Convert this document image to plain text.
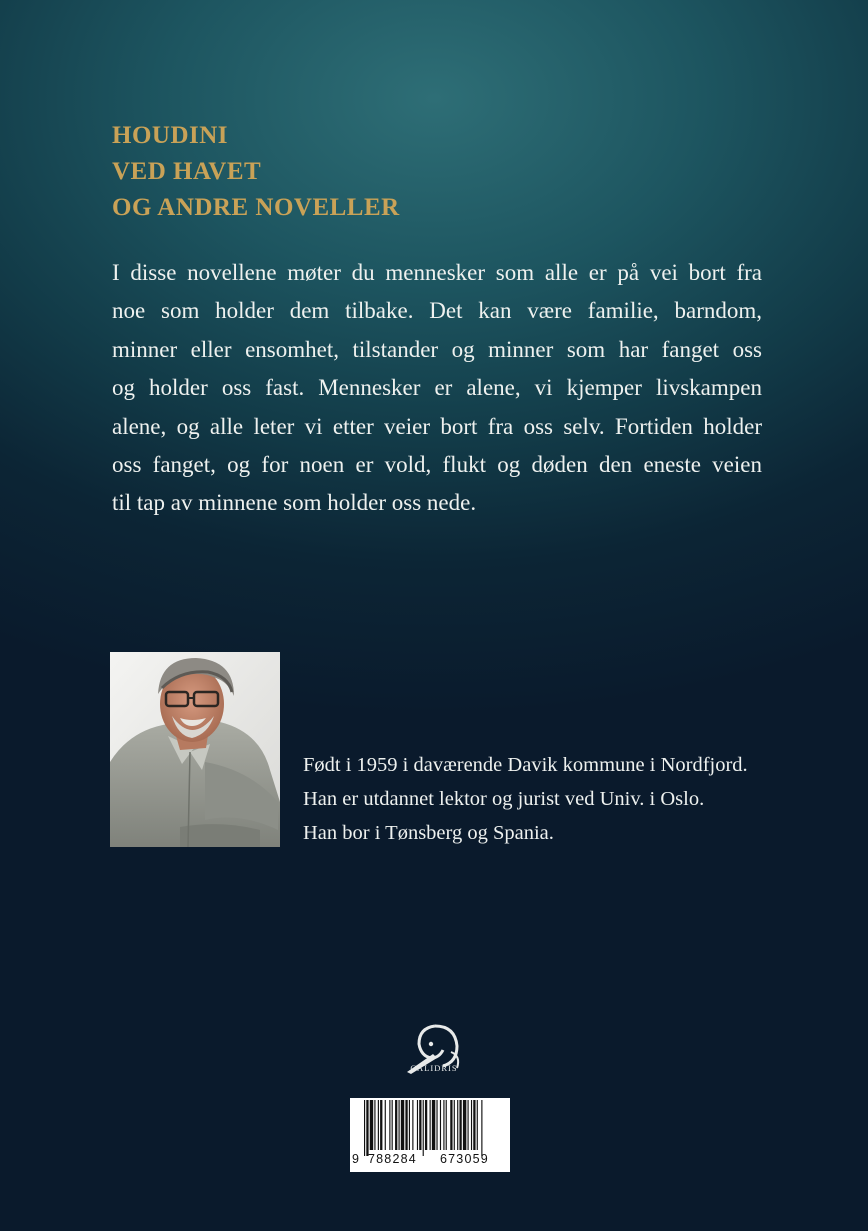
HOUDINI
VED HAVET
OG ANDRE NOVELLER
I disse novellene møter du mennesker som alle er på vei bort fra
noe som holder dem tilbake. Det kan være familie, barndom,
minner eller ensomhet, tilstander og minner som har fanget oss
og holder oss fast. Mennesker er alene, vi kjemper livskampen
alene, og alle leter vi etter veier bort fra oss selv. Fortiden holder
oss fanget, og for noen er vold, flukt og døden den eneste veien
til tap av minnene som holder oss nede.
Født i 1959 i daværende Davik kommune i Nordfjord.
Han er utdannet lektor og jurist ved Univ. i Oslo.
Han bor i Tønsberg og Spania.
CALIDRIS
9 788284 673059
